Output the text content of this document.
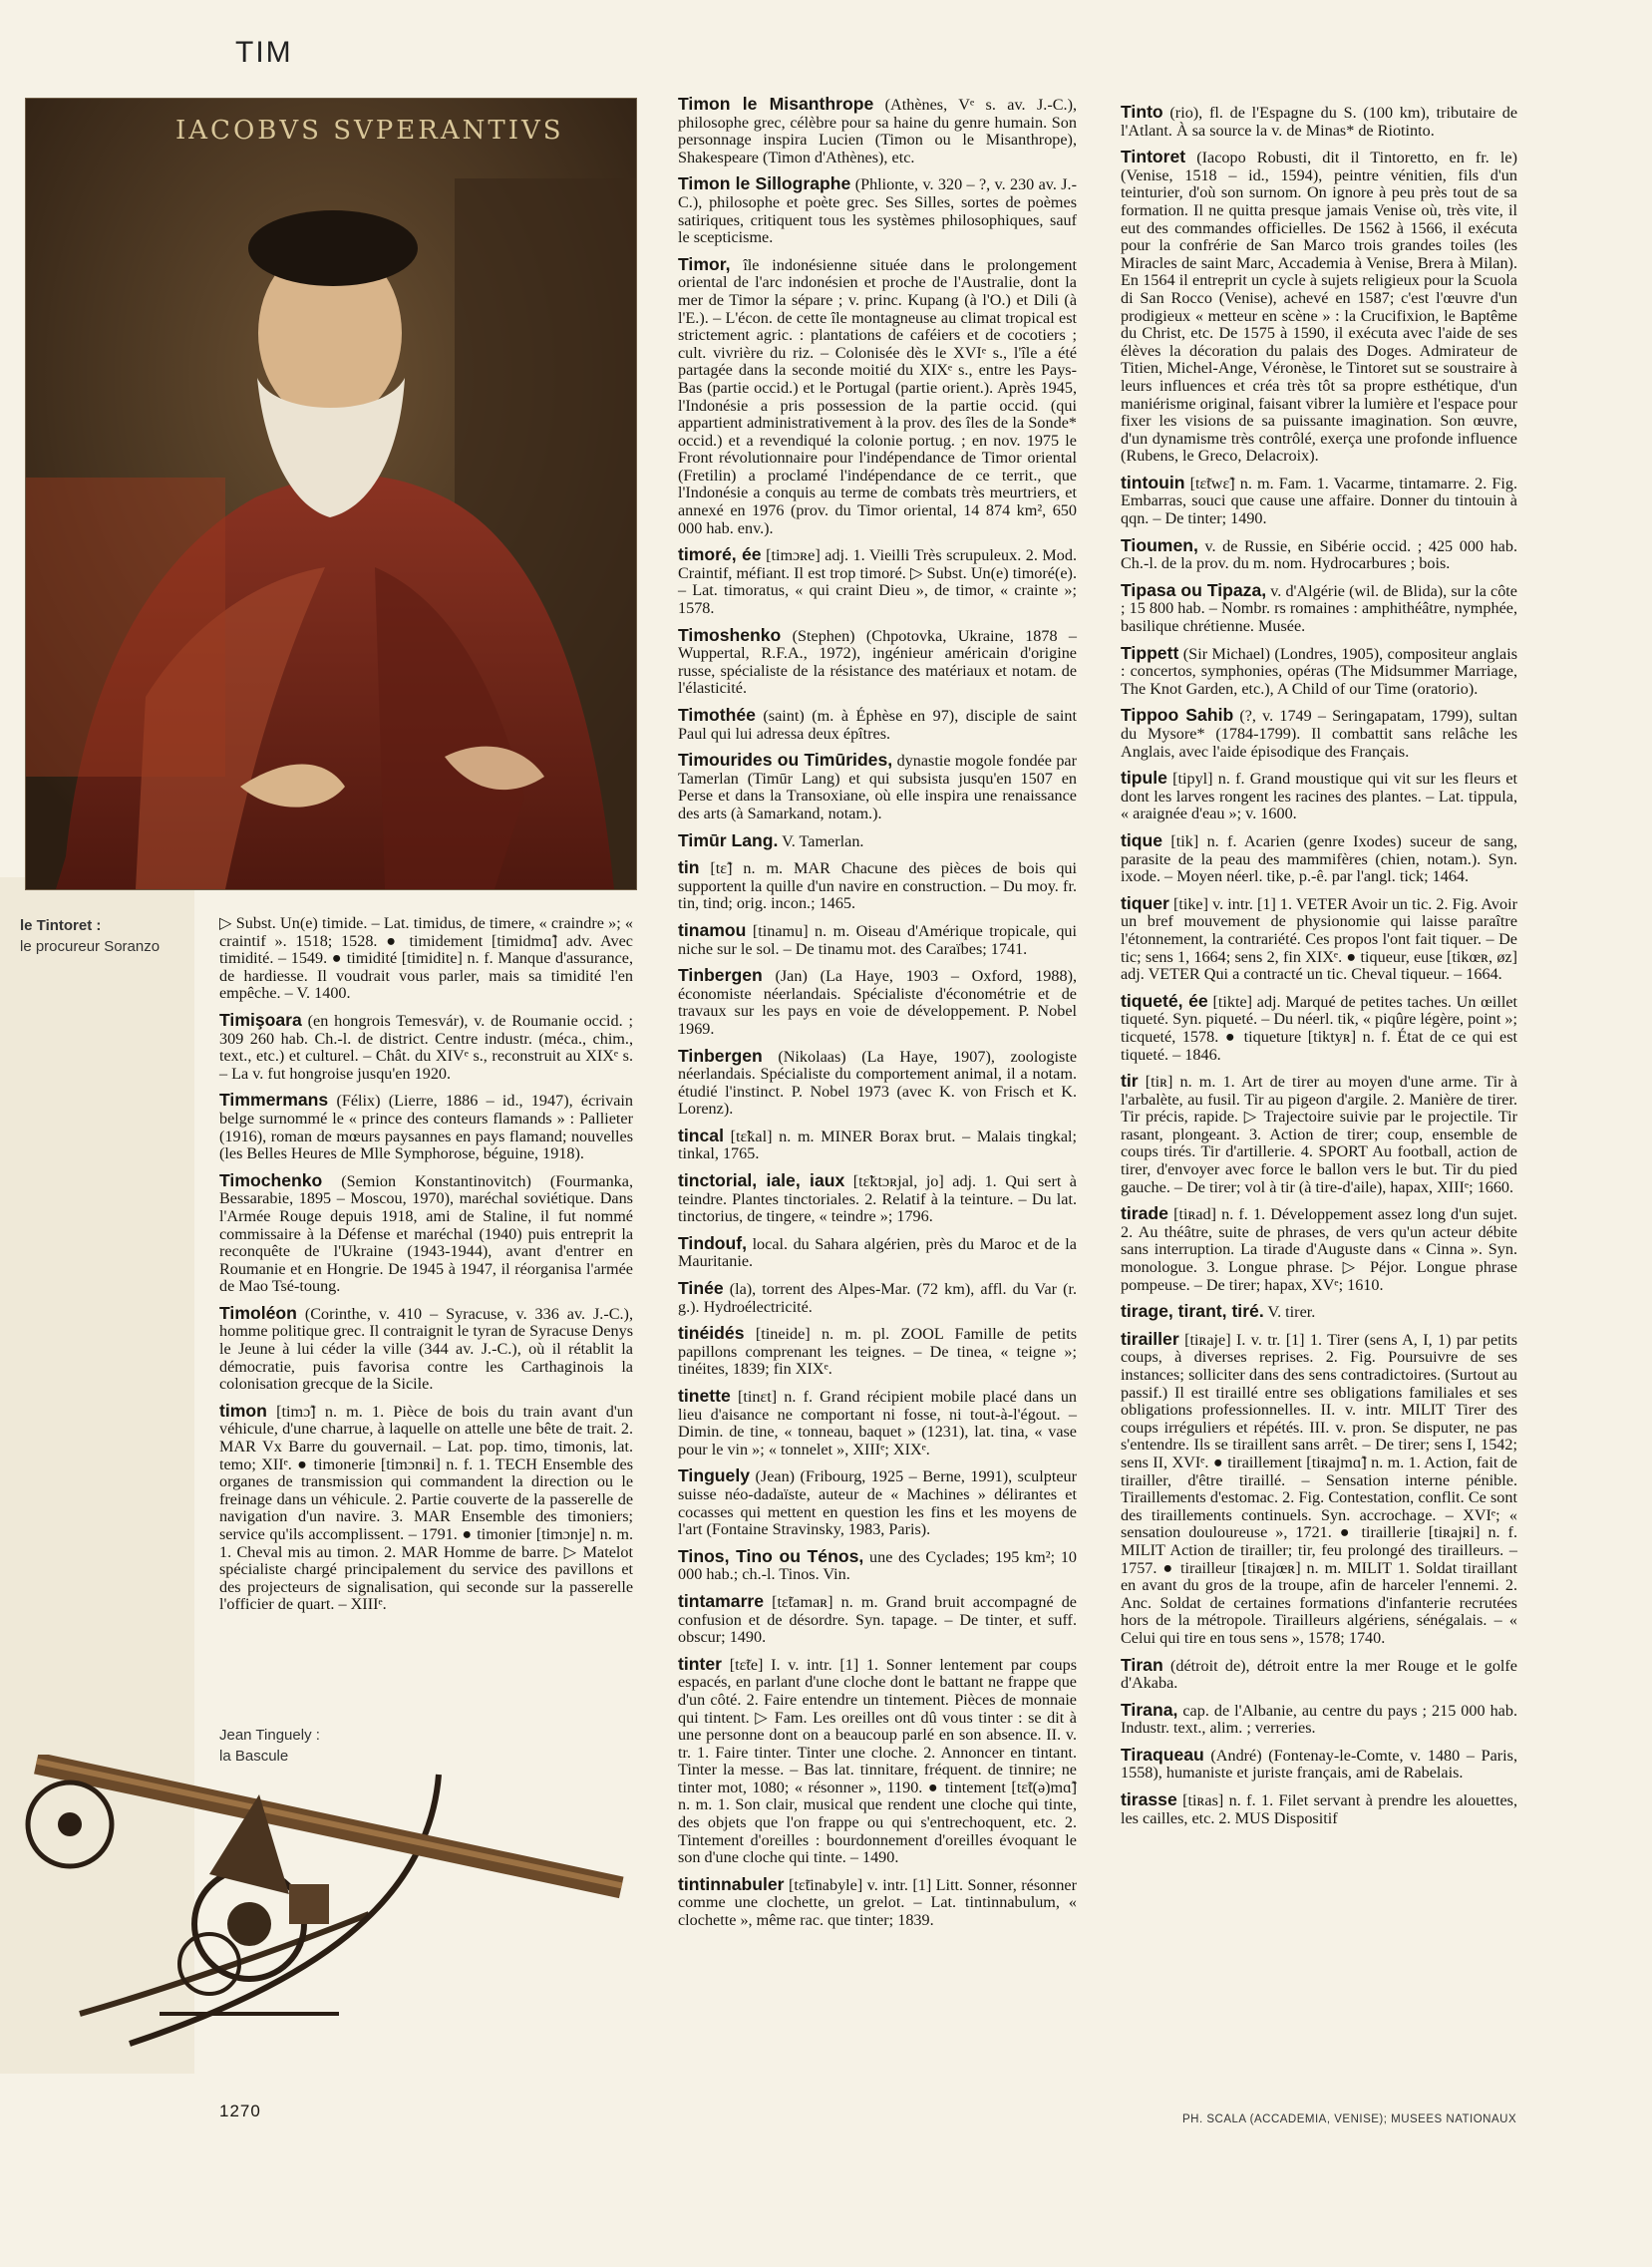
TIM
IACOBVS SVPERANTIVS
le Tintoret :
le procureur Soranzo

▷ Subst. Un(e) timide. – Lat. timidus, de timere, « craindre »; « craintif ». 1518; 1528. ● timidement [timidmɑ̃] adv. Avec timidité. – 1549. ● timidité [timidite] n. f. Manque d'assurance, de hardiesse. Il voudrait vous parler, mais sa timidité l'en empêche. – V. 1400.

Timişoara (en hongrois Temesvár), v. de Roumanie occid. ; 309 260 hab. Ch.-l. de district. Centre industr. (méca., chim., text., etc.) et culturel. – Chât. du XIVᵉ s., reconstruit au XIXᵉ s. – La v. fut hongroise jusqu'en 1920.

Timmermans (Félix) (Lierre, 1886 – id., 1947), écrivain belge surnommé le « prince des conteurs flamands » : Pallieter (1916), roman de mœurs paysannes en pays flamand; nouvelles (les Belles Heures de Mlle Symphorose, béguine, 1918).

Timochenko (Semion Konstantinovitch) (Fourmanka, Bessarabie, 1895 – Moscou, 1970), maréchal soviétique. Dans l'Armée Rouge depuis 1918, ami de Staline, il fut nommé commissaire à la Défense et maréchal (1940) puis entreprit la reconquête de l'Ukraine (1943-1944), avant d'entrer en Roumanie et en Hongrie. De 1945 à 1947, il réorganisa l'armée de Mao Tsé-toung.

Timoléon (Corinthe, v. 410 – Syracuse, v. 336 av. J.-C.), homme politique grec. Il contraignit le tyran de Syracuse Denys le Jeune à lui céder la ville (344 av. J.-C.), où il rétablit la démocratie, puis favorisa contre les Carthaginois la colonisation grecque de la Sicile.

timon [timɔ̃] n. m. 1. Pièce de bois du train avant d'un véhicule, d'une charrue, à laquelle on attelle une bête de trait. 2. MAR Vx Barre du gouvernail. – Lat. pop. timo, timonis, lat. temo; XIIᵉ. ● timonerie [timɔnʀi] n. f. 1. TECH Ensemble des organes de transmission qui commandent la direction ou le freinage dans un véhicule. 2. Partie couverte de la passerelle de navigation d'un navire. 3. MAR Ensemble des timoniers; service qu'ils accomplissent. – 1791. ● timonier [timɔnje] n. m. 1. Cheval mis au timon. 2. MAR Homme de barre. ▷ Matelot spécialiste chargé principalement du service des pavillons et des projecteurs de signalisation, qui seconde sur la passerelle l'officier de quart. – XIIIᵉ.

Jean Tinguely :
la Bascule

Timon le Misanthrope (Athènes, Vᵉ s. av. J.-C.), philosophe grec, célèbre pour sa haine du genre humain. Son personnage inspira Lucien (Timon ou le Misanthrope), Shakespeare (Timon d'Athènes), etc.

Timon le Sillographe (Phlionte, v. 320 – ?, v. 230 av. J.-C.), philosophe et poète grec. Ses Silles, sortes de poèmes satiriques, critiquent tous les systèmes philosophiques, sauf le scepticisme.

Timor, île indonésienne située dans le prolongement oriental de l'arc indonésien et proche de l'Australie, dont la mer de Timor la sépare ; v. princ. Kupang (à l'O.) et Dili (à l'E.). – L'écon. de cette île montagneuse au climat tropical est strictement agric. : plantations de caféiers et de cocotiers ; cult. vivrière du riz. – Colonisée dès le XVIᵉ s., l'île a été partagée dans la seconde moitié du XIXᵉ s., entre les Pays-Bas (partie occid.) et le Portugal (partie orient.). Après 1945, l'Indonésie a pris possession de la partie occid. (qui appartient administrativement à la prov. des îles de la Sonde* occid.) et a revendiqué la colonie portug. ; en nov. 1975 le Front révolutionnaire pour l'indépendance de Timor oriental (Fretilin) a proclamé l'indépendance de ce territ., que l'Indonésie a conquis au terme de combats très meurtriers, et annexé en 1976 (prov. du Timor oriental, 14 874 km², 650 000 hab. env.).

timoré, ée [timɔʀe] adj. 1. Vieilli Très scrupuleux. 2. Mod. Craintif, méfiant. Il est trop timoré. ▷ Subst. Un(e) timoré(e). – Lat. timoratus, « qui craint Dieu », de timor, « crainte »; 1578.

Timoshenko (Stephen) (Chpotovka, Ukraine, 1878 – Wuppertal, R.F.A., 1972), ingénieur américain d'origine russe, spécialiste de la résistance des matériaux et notam. de l'élasticité.

Timothée (saint) (m. à Éphèse en 97), disciple de saint Paul qui lui adressa deux épîtres.

Timourides ou Timūrides, dynastie mogole fondée par Tamerlan (Timūr Lang) et qui subsista jusqu'en 1507 en Perse et dans la Transoxiane, où elle inspira une renaissance des arts (à Samarkand, notam.).

Timūr Lang. V. Tamerlan.

tin [tɛ̃] n. m. MAR Chacune des pièces de bois qui supportent la quille d'un navire en construction. – Du moy. fr. tin, tind; orig. incon.; 1465.

tinamou [tinamu] n. m. Oiseau d'Amérique tropicale, qui niche sur le sol. – De tinamu mot. des Caraïbes; 1741.

Tinbergen (Jan) (La Haye, 1903 – Oxford, 1988), économiste néerlandais. Spécialiste d'économétrie et de travaux sur les pays en voie de développement. P. Nobel 1969.

Tinbergen (Nikolaas) (La Haye, 1907), zoologiste néerlandais. Spécialiste du comportement animal, il a notam. étudié l'instinct. P. Nobel 1973 (avec K. von Frisch et K. Lorenz).

tincal [tɛ̃kal] n. m. MINER Borax brut. – Malais tingkal; tinkal, 1765.

tinctorial, iale, iaux [tɛ̃ktɔʀjal, jo] adj. 1. Qui sert à teindre. Plantes tinctoriales. 2. Relatif à la teinture. – Du lat. tinctorius, de tingere, « teindre »; 1796.

Tindouf, local. du Sahara algérien, près du Maroc et de la Mauritanie.

Tinée (la), torrent des Alpes-Mar. (72 km), affl. du Var (r. g.). Hydroélectricité.

tinéidés [tineide] n. m. pl. ZOOL Famille de petits papillons comprenant les teignes. – De tinea, « teigne »; tinéites, 1839; fin XIXᵉ.

tinette [tinɛt] n. f. Grand récipient mobile placé dans un lieu d'aisance ne comportant ni fosse, ni tout-à-l'égout. – Dimin. de tine, « tonneau, baquet » (1231), lat. tina, « vase pour le vin »; « tonnelet », XIIIᵉ; XIXᵉ.

Tinguely (Jean) (Fribourg, 1925 – Berne, 1991), sculpteur suisse néo-dadaïste, auteur de « Machines » délirantes et cocasses qui mettent en question les fins et les moyens de l'art (Fontaine Stravinsky, 1983, Paris).

Tinos, Tino ou Ténos, une des Cyclades; 195 km²; 10 000 hab.; ch.-l. Tinos. Vin.

tintamarre [tɛ̃tamaʀ] n. m. Grand bruit accompagné de confusion et de désordre. Syn. tapage. – De tinter, et suff. obscur; 1490.

tinter [tɛ̃te] I. v. intr. [1] 1. Sonner lentement par coups espacés, en parlant d'une cloche dont le battant ne frappe que d'un côté. 2. Faire entendre un tintement. Pièces de monnaie qui tintent. ▷ Fam. Les oreilles ont dû vous tinter : se dit à une personne dont on a beaucoup parlé en son absence. II. v. tr. 1. Faire tinter. Tinter une cloche. 2. Annoncer en tintant. Tinter la messe. – Bas lat. tinnitare, fréquent. de tinnire; ne tinter mot, 1080; « résonner », 1190. ● tintement [tɛ̃t(ə)mɑ̃] n. m. 1. Son clair, musical que rendent une cloche qui tinte, des objets que l'on frappe ou qui s'entrechoquent, etc. 2. Tintement d'oreilles : bourdonnement d'oreilles évoquant le son d'une cloche qui tinte. – 1490.

tintinnabuler [tɛ̃tinabyle] v. intr. [1] Litt. Sonner, résonner comme une clochette, un grelot. – Lat. tintinnabulum, « clochette », même rac. que tinter; 1839.

Tinto (rio), fl. de l'Espagne du S. (100 km), tributaire de l'Atlant. À sa source la v. de Minas* de Riotinto.

Tintoret (Iacopo Robusti, dit il Tintoretto, en fr. le) (Venise, 1518 – id., 1594), peintre vénitien, fils d'un teinturier, d'où son surnom. On ignore à peu près tout de sa formation. Il ne quitta presque jamais Venise où, très vite, il eut des commandes officielles. De 1562 à 1566, il exécuta pour la confrérie de San Marco trois grandes toiles (les Miracles de saint Marc, Accademia à Venise, Brera à Milan). En 1564 il entreprit un cycle à sujets religieux pour la Scuola di San Rocco (Venise), achevé en 1587; c'est l'œuvre d'un prodigieux « metteur en scène » : la Crucifixion, le Baptême du Christ, etc. De 1575 à 1590, il exécuta avec l'aide de ses élèves la décoration du palais des Doges. Admirateur de Titien, Michel-Ange, Véronèse, le Tintoret sut se soustraire à leurs influences et créa très tôt sa propre esthétique, d'un maniérisme original, faisant vibrer la lumière et l'espace pour fixer les visions de sa puissante imagination. Son œuvre, d'un dynamisme très contrôlé, exerça une profonde influence (Rubens, le Greco, Delacroix).

tintouin [tɛ̃twɛ̃] n. m. Fam. 1. Vacarme, tintamarre. 2. Fig. Embarras, souci que cause une affaire. Donner du tintouin à qqn. – De tinter; 1490.

Tioumen, v. de Russie, en Sibérie occid. ; 425 000 hab. Ch.-l. de la prov. du m. nom. Hydrocarbures ; bois.

Tipasa ou Tipaza, v. d'Algérie (wil. de Blida), sur la côte ; 15 800 hab. – Nombr. rs romaines : amphithéâtre, nymphée, basilique chrétienne. Musée.

Tippett (Sir Michael) (Londres, 1905), compositeur anglais : concertos, symphonies, opéras (The Midsummer Marriage, The Knot Garden, etc.), A Child of our Time (oratorio).

Tippoo Sahib (?, v. 1749 – Seringapatam, 1799), sultan du Mysore* (1784-1799). Il combattit sans relâche les Anglais, avec l'aide épisodique des Français.

tipule [tipyl] n. f. Grand moustique qui vit sur les fleurs et dont les larves rongent les racines des plantes. – Lat. tippula, « araignée d'eau »; v. 1600.

tique [tik] n. f. Acarien (genre Ixodes) suceur de sang, parasite de la peau des mammifères (chien, notam.). Syn. ixode. – Moyen néerl. tike, p.-ê. par l'angl. tick; 1464.

tiquer [tike] v. intr. [1] 1. VETER Avoir un tic. 2. Fig. Avoir un bref mouvement de physionomie qui laisse paraître l'étonnement, la contrariété. Ces propos l'ont fait tiquer. – De tic; sens 1, 1664; sens 2, fin XIXᵉ. ● tiqueur, euse [tikœʀ, øz] adj. VETER Qui a contracté un tic. Cheval tiqueur. – 1664.

tiqueté, ée [tikte] adj. Marqué de petites taches. Un œillet tiqueté. Syn. piqueté. – Du néerl. tik, « piqûre légère, point »; ticqueté, 1578. ● tiqueture [tiktyʀ] n. f. État de ce qui est tiqueté. – 1846.

tir [tiʀ] n. m. 1. Art de tirer au moyen d'une arme. Tir à l'arbalète, au fusil. Tir au pigeon d'argile. 2. Manière de tirer. Tir précis, rapide. ▷ Trajectoire suivie par le projectile. Tir rasant, plongeant. 3. Action de tirer; coup, ensemble de coups tirés. Tir d'artillerie. 4. SPORT Au football, action de tirer, d'envoyer avec force le ballon vers le but. Tir du pied gauche. – De tirer; vol à tir (à tire-d'aile), hapax, XIIIᵉ; 1660.

tirade [tiʀad] n. f. 1. Développement assez long d'un sujet. 2. Au théâtre, suite de phrases, de vers qu'un acteur débite sans interruption. La tirade d'Auguste dans « Cinna ». Syn. monologue. 3. Longue phrase. ▷ Péjor. Longue phrase pompeuse. – De tirer; hapax, XVᵉ; 1610.

tirage, tirant, tiré. V. tirer.

tirailler [tiʀaje] I. v. tr. [1] 1. Tirer (sens A, I, 1) par petits coups, à diverses reprises. 2. Fig. Poursuivre de ses instances; solliciter dans des sens contradictoires. (Surtout au passif.) Il est tiraillé entre ses obligations familiales et ses obligations professionnelles. II. v. intr. MILIT Tirer des coups irréguliers et répétés. III. v. pron. Se disputer, ne pas s'entendre. Ils se tiraillent sans arrêt. – De tirer; sens I, 1542; sens II, XVIᵉ. ● tiraillement [tiʀajmɑ̃] n. m. 1. Action, fait de tirailler, d'être tiraillé. – Sensation interne pénible. Tiraillements d'estomac. 2. Fig. Contestation, conflit. Ce sont des tiraillements continuels. Syn. accrochage. – XVIᵉ; « sensation douloureuse », 1721. ● tiraillerie [tiʀajʀi] n. f. MILIT Action de tirailler; tir, feu prolongé des tirailleurs. – 1757. ● tirailleur [tiʀajœʀ] n. m. MILIT 1. Soldat tiraillant en avant du gros de la troupe, afin de harceler l'ennemi. 2. Anc. Soldat de certaines formations d'infanterie recrutées hors de la métropole. Tirailleurs algériens, sénégalais. – « Celui qui tire en tous sens », 1578; 1740.

Tiran (détroit de), détroit entre la mer Rouge et le golfe d'Akaba.

Tirana, cap. de l'Albanie, au centre du pays ; 215 000 hab. Industr. text., alim. ; verreries.

Tiraqueau (André) (Fontenay-le-Comte, v. 1480 – Paris, 1558), humaniste et juriste français, ami de Rabelais.

tirasse [tiʀas] n. f. 1. Filet servant à prendre les alouettes, les cailles, etc. 2. MUS Dispositif

1270	PH. SCALA (ACCADEMIA, VENISE); MUSEES NATIONAUX
